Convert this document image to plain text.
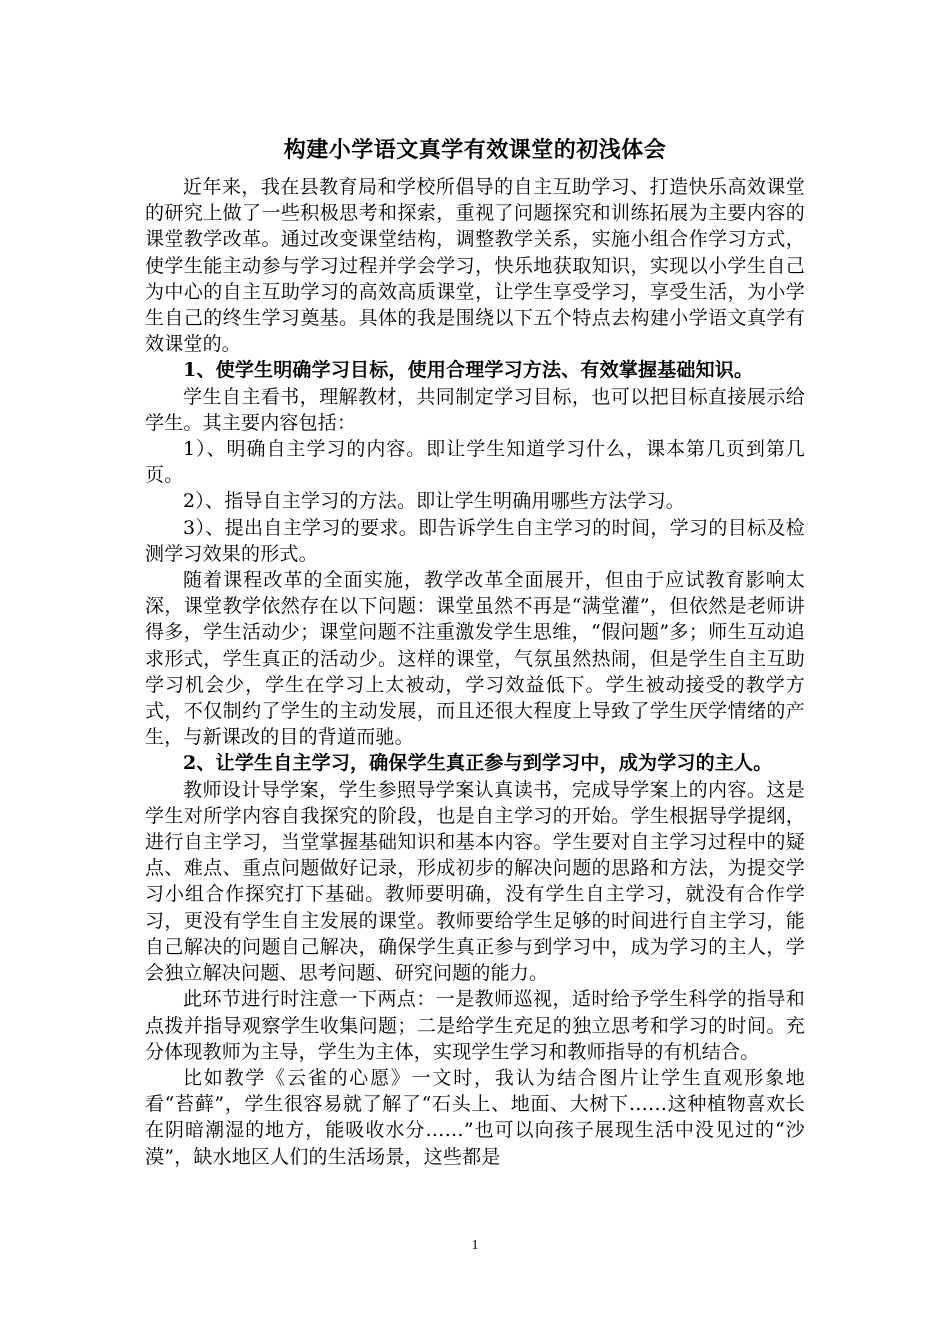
构建小学语文真学有效课堂的初浅体会

近年来，我在县教育局和学校所倡导的自主互助学习、打造快乐高效课堂的研究上做了一些积极思考和探索，重视了问题探究和训练拓展为主要内容的课堂教学改革。通过改变课堂结构，调整教学关系，实施小组合作学习方式，使学生能主动参与学习过程并学会学习，快乐地获取知识，实现以小学生自己为中心的自主互助学习的高效高质课堂，让学生享受学习，享受生活，为小学生自己的终生学习奠基。具体的我是围绕以下五个特点去构建小学语文真学有效课堂的。

1、使学生明确学习目标，使用合理学习方法、有效掌握基础知识。

学生自主看书，理解教材，共同制定学习目标，也可以把目标直接展示给学生。其主要内容包括：

1）、明确自主学习的内容。即让学生知道学习什么，课本第几页到第几页。

2）、指导自主学习的方法。即让学生明确用哪些方法学习。

3）、提出自主学习的要求。即告诉学生自主学习的时间，学习的目标及检测学习效果的形式。

随着课程改革的全面实施，教学改革全面展开，但由于应试教育影响太深，课堂教学依然存在以下问题：课堂虽然不再是“满堂灌”，但依然是老师讲得多，学生活动少；课堂问题不注重激发学生思维，“假问题”多；师生互动追求形式，学生真正的活动少。这样的课堂，气氛虽然热闹，但是学生自主互助学习机会少，学生在学习上太被动，学习效益低下。学生被动接受的教学方式，不仅制约了学生的主动发展，而且还很大程度上导致了学生厌学情绪的产生，与新课改的目的背道而驰。

2、让学生自主学习，确保学生真正参与到学习中，成为学习的主人。

教师设计导学案，学生参照导学案认真读书，完成导学案上的内容。这是学生对所学内容自我探究的阶段，也是自主学习的开始。学生根据导学提纲，进行自主学习，当堂掌握基础知识和基本内容。学生要对自主学习过程中的疑点、难点、重点问题做好记录，形成初步的解决问题的思路和方法，为提交学习小组合作探究打下基础。教师要明确，没有学生自主学习，就没有合作学习，更没有学生自主发展的课堂。教师要给学生足够的时间进行自主学习，能自己解决的问题自己解决，确保学生真正参与到学习中，成为学习的主人，学会独立解决问题、思考问题、研究问题的能力。

此环节进行时注意一下两点：一是教师巡视，适时给予学生科学的指导和点拨并指导观察学生收集问题；二是给学生充足的独立思考和学习的时间。充分体现教师为主导，学生为主体，实现学生学习和教师指导的有机结合。

比如教学《云雀的心愿》一文时，我认为结合图片让学生直观形象地看“苔藓”，学生很容易就了解了“石头上、地面、大树下……这种植物喜欢长在阴暗潮湿的地方，能吸收水分……”也可以向孩子展现生活中没见过的“沙漠”，缺水地区人们的生活场景，这些都是

1
